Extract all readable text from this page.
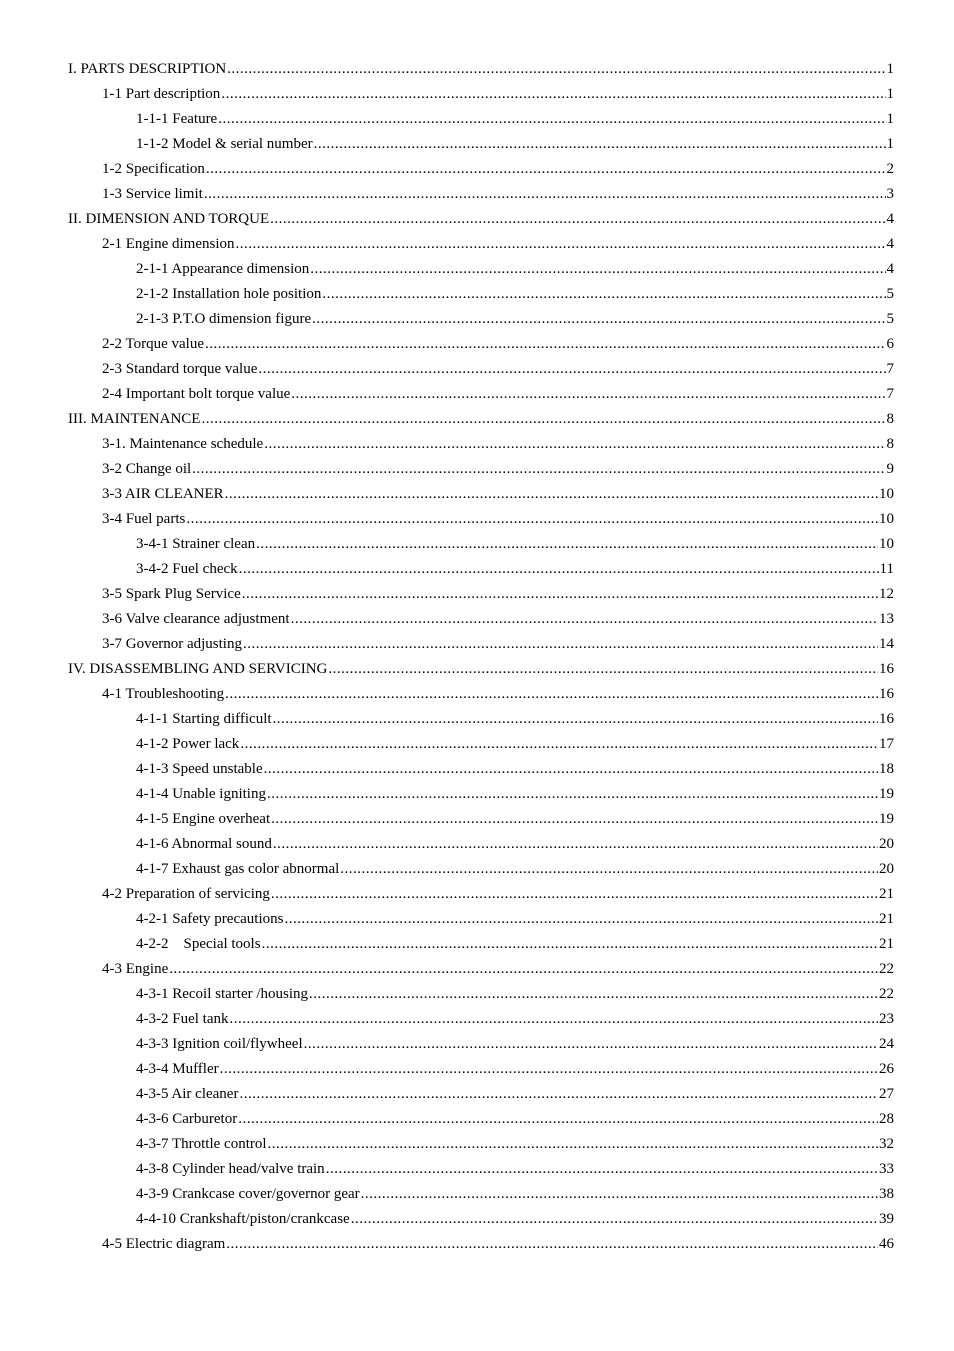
I. PARTS DESCRIPTION .....	1
1-1 Part description .....	1
1-1-1 Feature .....	1
1-1-2 Model & serial number .....	1
1-2 Specification .....	2
1-3 Service limit .....	3
II. DIMENSION AND TORQUE .....	4
2-1 Engine dimension .....	4
2-1-1 Appearance dimension .....	4
2-1-2 Installation hole position .....	5
2-1-3 P.T.O dimension figure .....	5
2-2 Torque value .....	6
2-3 Standard torque value .....	7
2-4 Important bolt torque value .....	7
III. MAINTENANCE .....	8
3-1. Maintenance schedule .....	8
3-2 Change oil .....	9
3-3 AIR CLEANER .....	10
3-4 Fuel parts .....	10
3-4-1 Strainer clean .....	10
3-4-2 Fuel check .....	11
3-5 Spark Plug Service .....	12
3-6 Valve clearance adjustment .....	13
3-7 Governor adjusting .....	14
IV. DISASSEMBLING AND SERVICING .....	16
4-1 Troubleshooting .....	16
4-1-1 Starting difficult .....	16
4-1-2 Power lack .....	17
4-1-3 Speed unstable .....	18
4-1-4 Unable igniting .....	19
4-1-5 Engine overheat .....	19
4-1-6 Abnormal sound .....	20
4-1-7 Exhaust gas color abnormal .....	20
4-2 Preparation of servicing .....	21
4-2-1 Safety precautions .....	21
4-2-2    Special tools .....	21
4-3 Engine .....	22
4-3-1 Recoil starter /housing .....	22
4-3-2 Fuel tank .....	23
4-3-3 Ignition coil/flywheel .....	24
4-3-4 Muffler .....	26
4-3-5 Air cleaner .....	27
4-3-6 Carburetor .....	28
4-3-7 Throttle control .....	32
4-3-8 Cylinder head/valve train .....	33
4-3-9 Crankcase cover/governor gear .....	38
4-4-10 Crankshaft/piston/crankcase .....	39
4-5 Electric diagram .....	46
